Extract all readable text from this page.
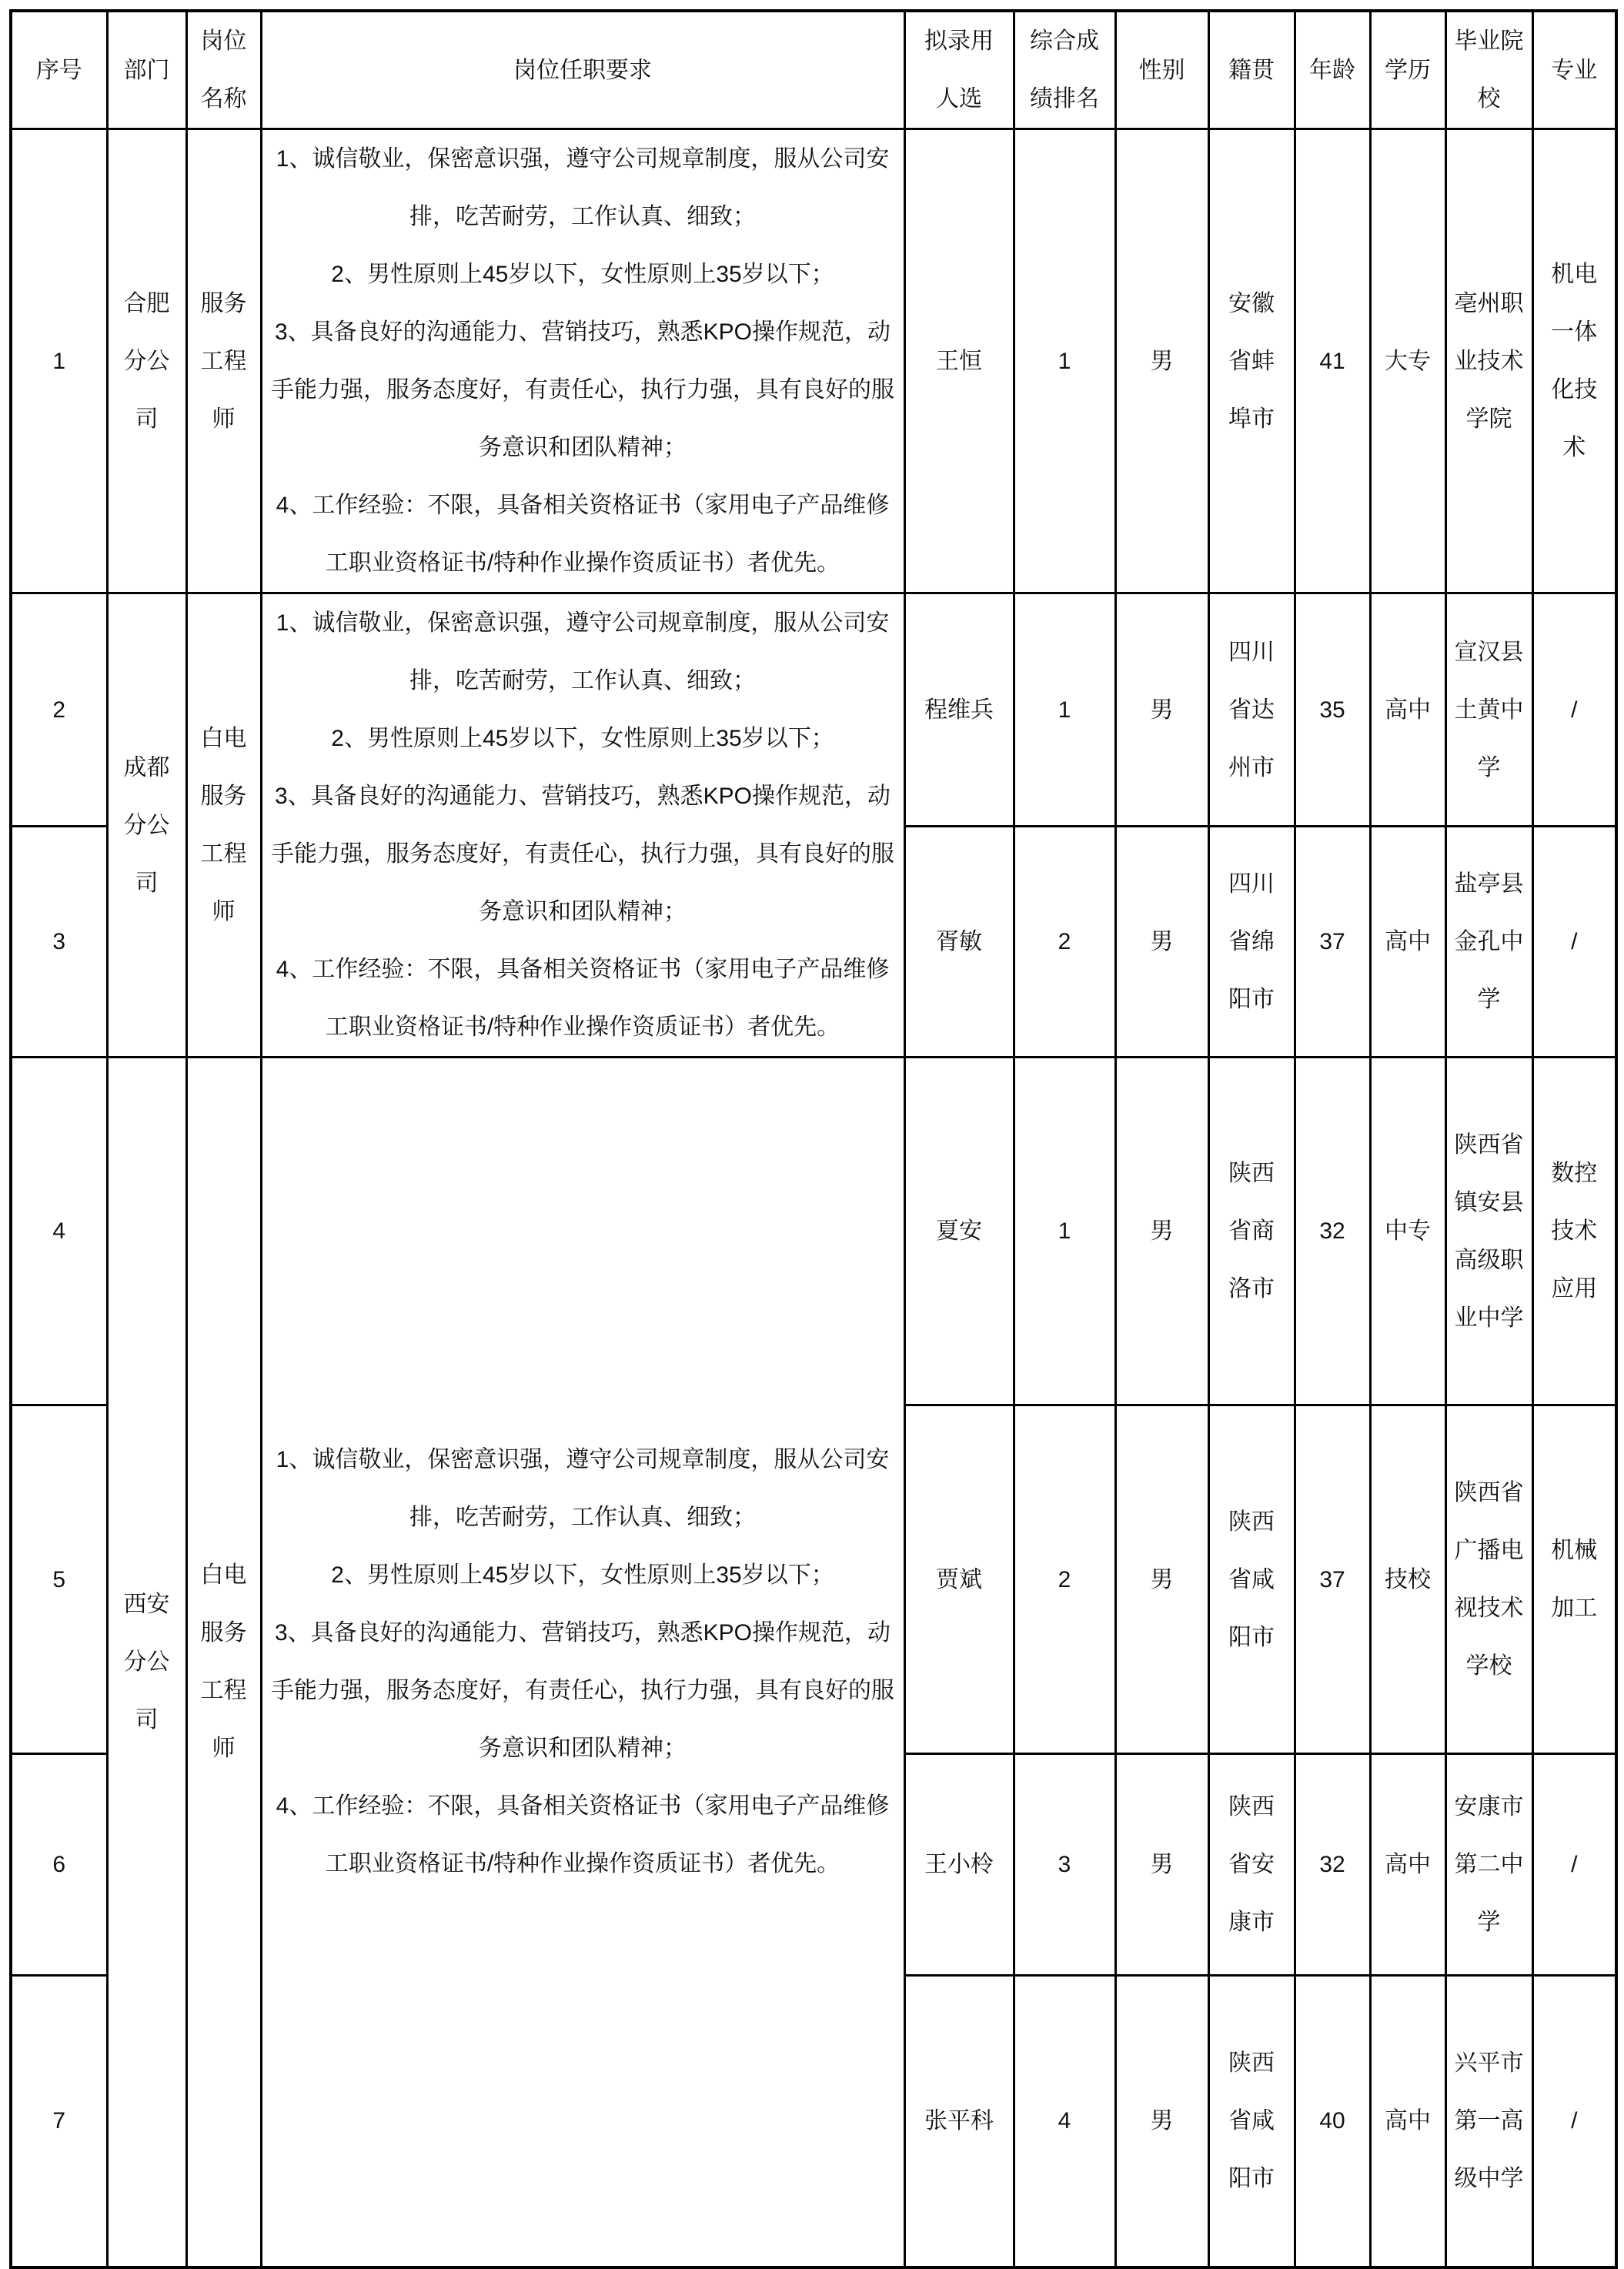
序号	部门	岗位名称	岗位任职要求	拟录用人选	综合成绩排名	性别	籍贯	年龄	学历	毕业院校	专业
1	合肥分公司	服务工程师	1、诚信敬业，保密意识强，遵守公司规章制度，服从公司安排，吃苦耐劳，工作认真、细致；

2、男性原则上45岁以下，女性原则上35岁以下；

3、具备良好的沟通能力、营销技巧，熟悉KPO操作规范，动手能力强，服务态度好，有责任心，执行力强，具有良好的服务意识和团队精神；

4、工作经验：不限，具备相关资格证书（家用电子产品维修工职业资格证书/特种作业操作资质证书）者优先。	王恒	1	男	安徽省蚌埠市	41	大专	亳州职业技术学院	机电一体化技术
2	成都分公司	白电服务工程师	1、诚信敬业，保密意识强，遵守公司规章制度，服从公司安排，吃苦耐劳，工作认真、细致；

2、男性原则上45岁以下，女性原则上35岁以下；

3、具备良好的沟通能力、营销技巧，熟悉KPO操作规范，动手能力强，服务态度好，有责任心，执行力强，具有良好的服务意识和团队精神；

4、工作经验：不限，具备相关资格证书（家用电子产品维修工职业资格证书/特种作业操作资质证书）者优先。	程维兵	1	男	四川省达州市	35	高中	宣汉县土黄中学	/
3				胥敏	2	男	四川省绵阳市	37	高中	盐亭县金孔中学	/
4	西安分公司	白电服务工程师	1、诚信敬业，保密意识强，遵守公司规章制度，服从公司安排，吃苦耐劳，工作认真、细致；

2、男性原则上45岁以下，女性原则上35岁以下；

3、具备良好的沟通能力、营销技巧，熟悉KPO操作规范，动手能力强，服务态度好，有责任心，执行力强，具有良好的服务意识和团队精神；

4、工作经验：不限，具备相关资格证书（家用电子产品维修工职业资格证书/特种作业操作资质证书）者优先。	夏安	1	男	陕西省商洛市	32	中专	陕西省镇安县高级职业中学	数控技术应用
5				贾斌	2	男	陕西省咸阳市	37	技校	陕西省广播电视技术学校	机械加工
6				王小柃	3	男	陕西省安康市	32	高中	安康市第二中学	/
7				张平科	4	男	陕西省咸阳市	40	高中	兴平市第一高级中学	/
